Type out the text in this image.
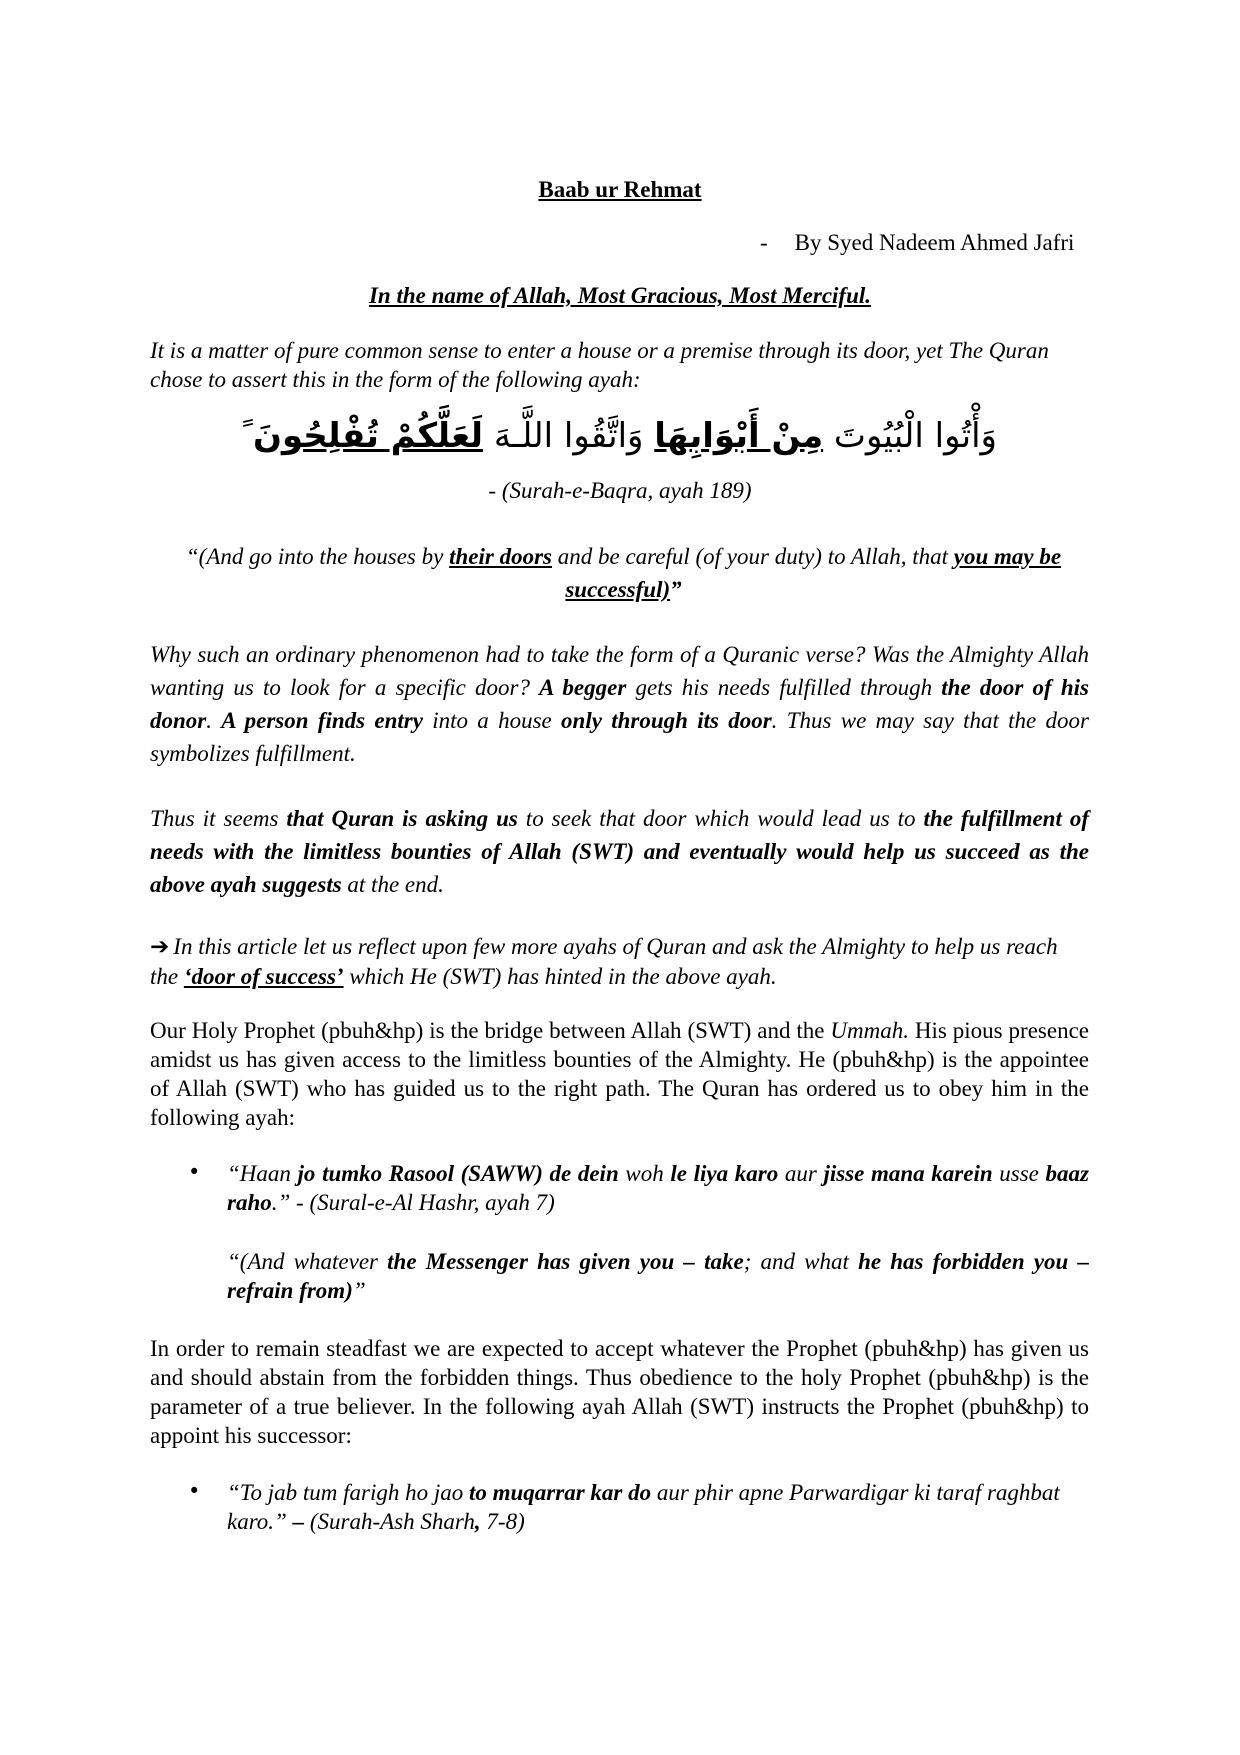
Baab ur Rehmat

- By Syed Nadeem Ahmed Jafri

In the name of Allah, Most Gracious, Most Merciful.

It is a matter of pure common sense to enter a house or a premise through its door, yet The Quran chose to assert this in the form of the following ayah:

وَأْتُوا الْبُيُوتَ مِنْ أَبْوَابِهَا وَاتَّقُوا اللَّـهَ لَعَلَّكُمْ تُفْلِحُونَﹰ

- (Surah-e-Baqra, ayah 189)

“(And go into the houses by their doors and be careful (of your duty) to Allah, that you may be successful)”

Why such an ordinary phenomenon had to take the form of a Quranic verse? Was the Almighty Allah wanting us to look for a specific door? A begger gets his needs fulfilled through the door of his donor. A person finds entry into a house only through its door. Thus we may say that the door symbolizes fulfillment.

Thus it seems that Quran is asking us to seek that door which would lead us to the fulfillment of needs with the limitless bounties of Allah (SWT) and eventually would help us succeed as the above ayah suggests at the end.

➔ In this article let us reflect upon few more ayahs of Quran and ask the Almighty to help us reach the ‘door of success’ which He (SWT) has hinted in the above ayah.

Our Holy Prophet (pbuh&hp) is the bridge between Allah (SWT) and the Ummah. His pious presence amidst us has given access to the limitless bounties of the Almighty. He (pbuh&hp) is the appointee of Allah (SWT) who has guided us to the right path. The Quran has ordered us to obey him in the following ayah:

• “Haan jo tumko Rasool (SAWW) de dein woh le liya karo aur jisse mana karein usse baaz raho.” - (Sural-e-Al Hashr, ayah 7)

“(And whatever the Messenger has given you – take; and what he has forbidden you – refrain from)”

In order to remain steadfast we are expected to accept whatever the Prophet (pbuh&hp) has given us and should abstain from the forbidden things. Thus obedience to the holy Prophet (pbuh&hp) is the parameter of a true believer. In the following ayah Allah (SWT) instructs the Prophet (pbuh&hp) to appoint his successor:

• “To jab tum farigh ho jao to muqarrar kar do aur phir apne Parwardigar ki taraf raghbat karo.” – (Surah-Ash Sharh, 7-8)
